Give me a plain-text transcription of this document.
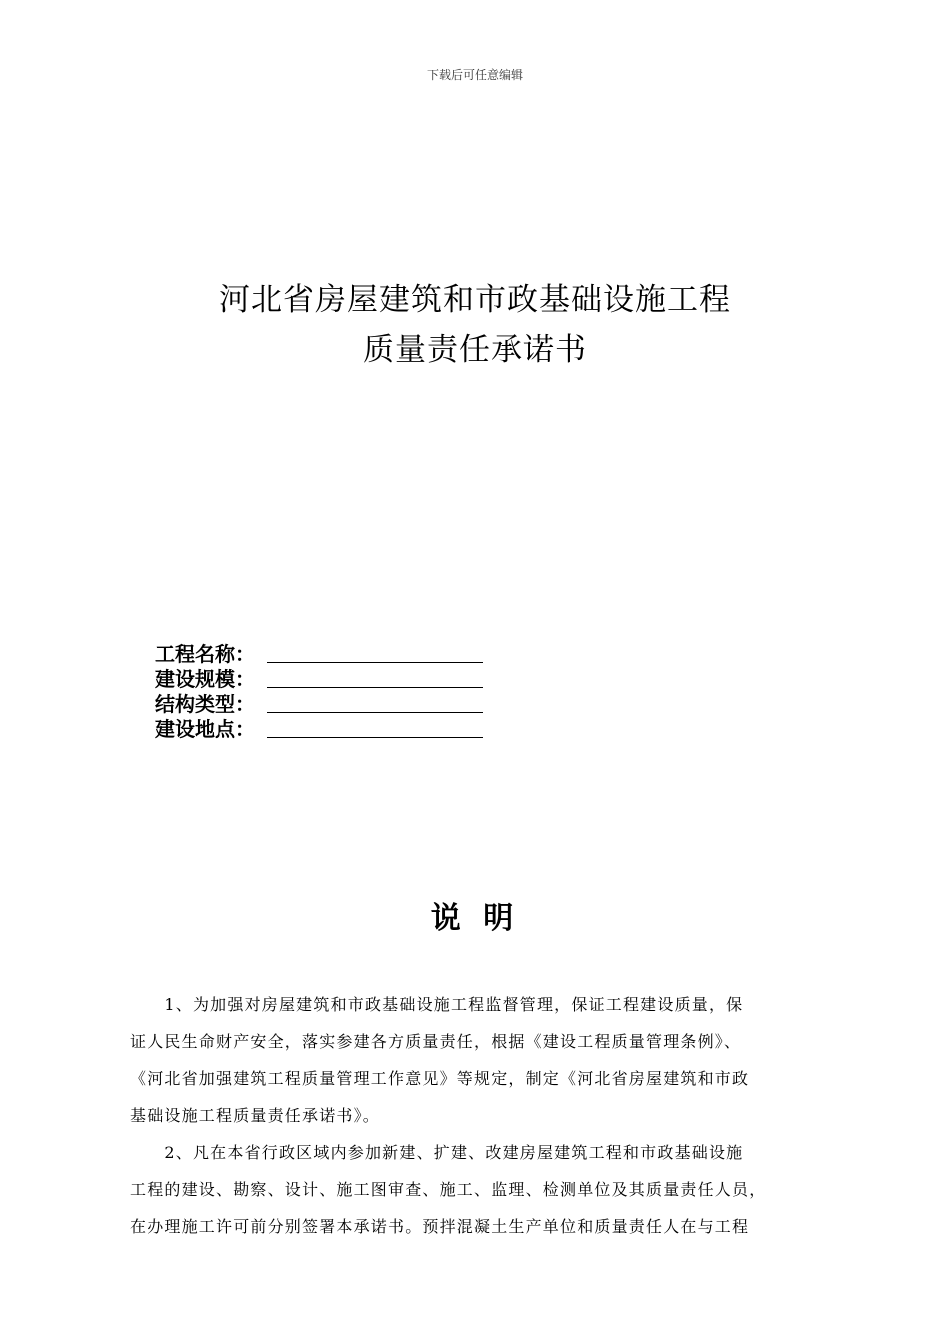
下载后可任意编辑
河北省房屋建筑和市政基础设施工程
质量责任承诺书
工程名称：
建设规模：
结构类型：
建设地点：
说 明
　　1、为加强对房屋建筑和市政基础设施工程监督管理，保证工程建设质量，保
证人民生命财产安全，落实参建各方质量责任，根据《建设工程质量管理条例》、
《河北省加强建筑工程质量管理工作意见》等规定，制定《河北省房屋建筑和市政
基础设施工程质量责任承诺书》。
　　2、凡在本省行政区域内参加新建、扩建、改建房屋建筑工程和市政基础设施
工程的建设、勘察、设计、施工图审查、施工、监理、检测单位及其质量责任人员，
在办理施工许可前分别签署本承诺书。预拌混凝土生产单位和质量责任人在与工程
